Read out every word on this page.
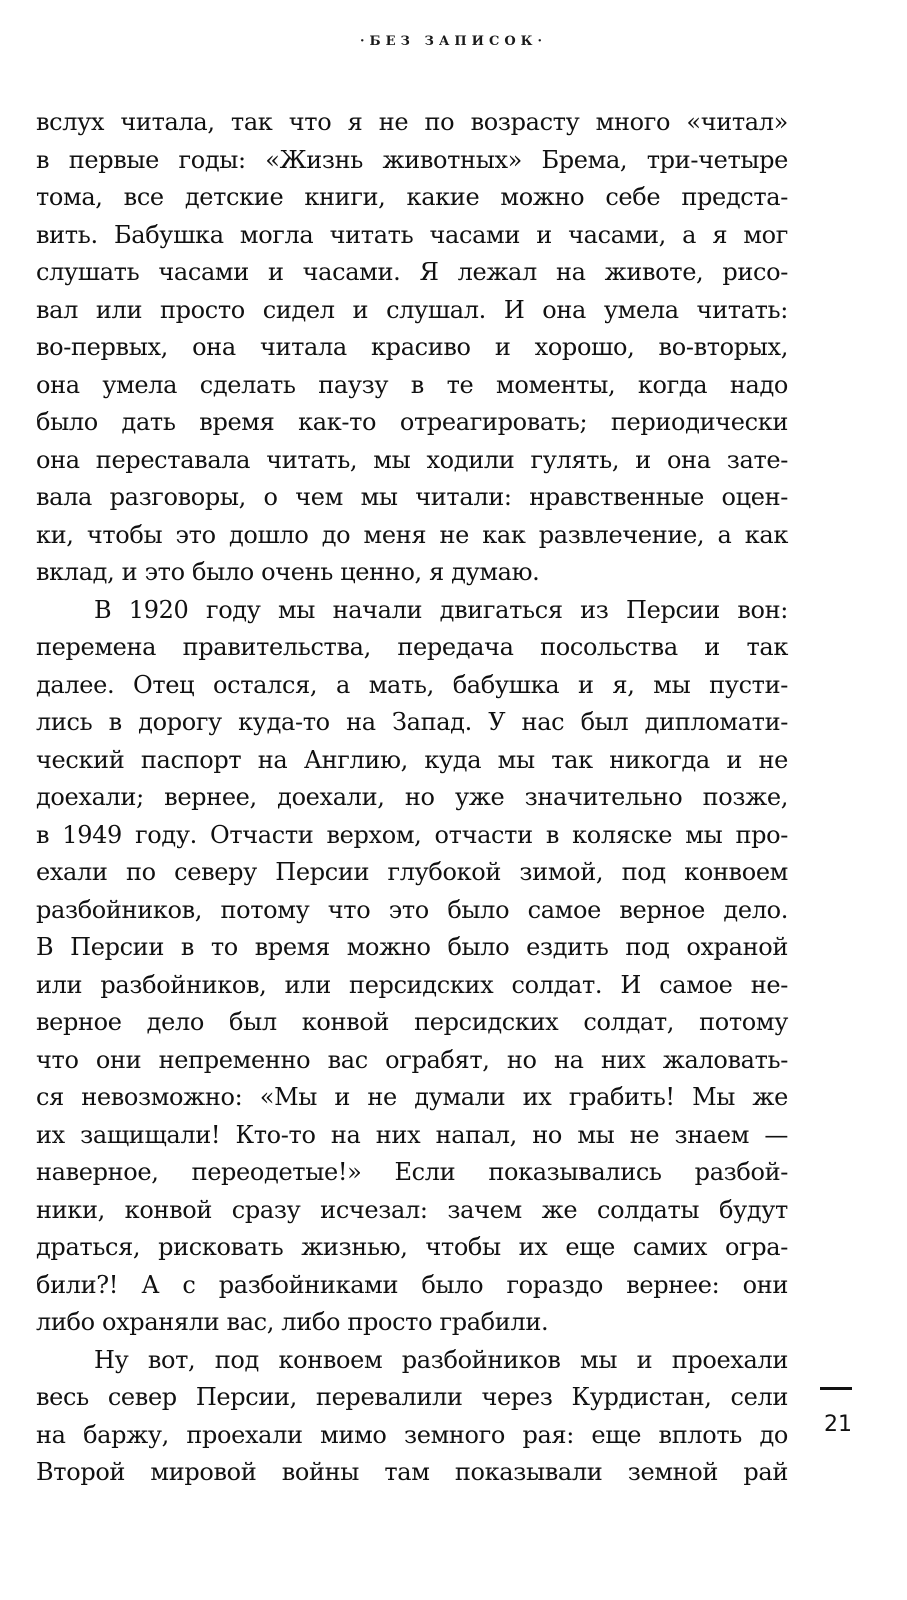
·БЕЗ ЗАПИСОК·
вслух читала, так что я не по возрасту много «читал»
в первые годы: «Жизнь животных» Брема, три-четыре
тома, все детские книги, какие можно себе предста-
вить. Бабушка могла читать часами и часами, а я мог
слушать часами и часами. Я лежал на животе, рисо-
вал или просто сидел и слушал. И она умела читать:
во-первых, она читала красиво и хорошо, во-вторых,
она умела сделать паузу в те моменты, когда надо
было дать время как-то отреагировать; периодически
она переставала читать, мы ходили гулять, и она зате-
вала разговоры, о чем мы читали: нравственные оцен-
ки, чтобы это дошло до меня не как развлечение, а как
вклад, и это было очень ценно, я думаю.
В 1920 году мы начали двигаться из Персии вон:
перемена правительства, передача посольства и так
далее. Отец остался, а мать, бабушка и я, мы пусти-
лись в дорогу куда-то на Запад. У нас был дипломати-
ческий паспорт на Англию, куда мы так никогда и не
доехали; вернее, доехали, но уже значительно позже,
в 1949 году. Отчасти верхом, отчасти в коляске мы про-
ехали по северу Персии глубокой зимой, под конвоем
разбойников, потому что это было самое верное дело.
В Персии в то время можно было ездить под охраной
или разбойников, или персидских солдат. И самое не-
верное дело был конвой персидских солдат, потому
что они непременно вас ограбят, но на них жаловать-
ся невозможно: «Мы и не думали их грабить! Мы же
их защищали! Кто-то на них напал, но мы не знаем —
наверное, переодетые!» Если показывались разбой-
ники, конвой сразу исчезал: зачем же солдаты будут
драться, рисковать жизнью, чтобы их еще самих огра-
били?! А с разбойниками было гораздо вернее: они
либо охраняли вас, либо просто грабили.
Ну вот, под конвоем разбойников мы и проехали
весь север Персии, перевалили через Курдистан, сели
на баржу, проехали мимо земного рая: еще вплоть до
Второй мировой войны там показывали земной рай
21
